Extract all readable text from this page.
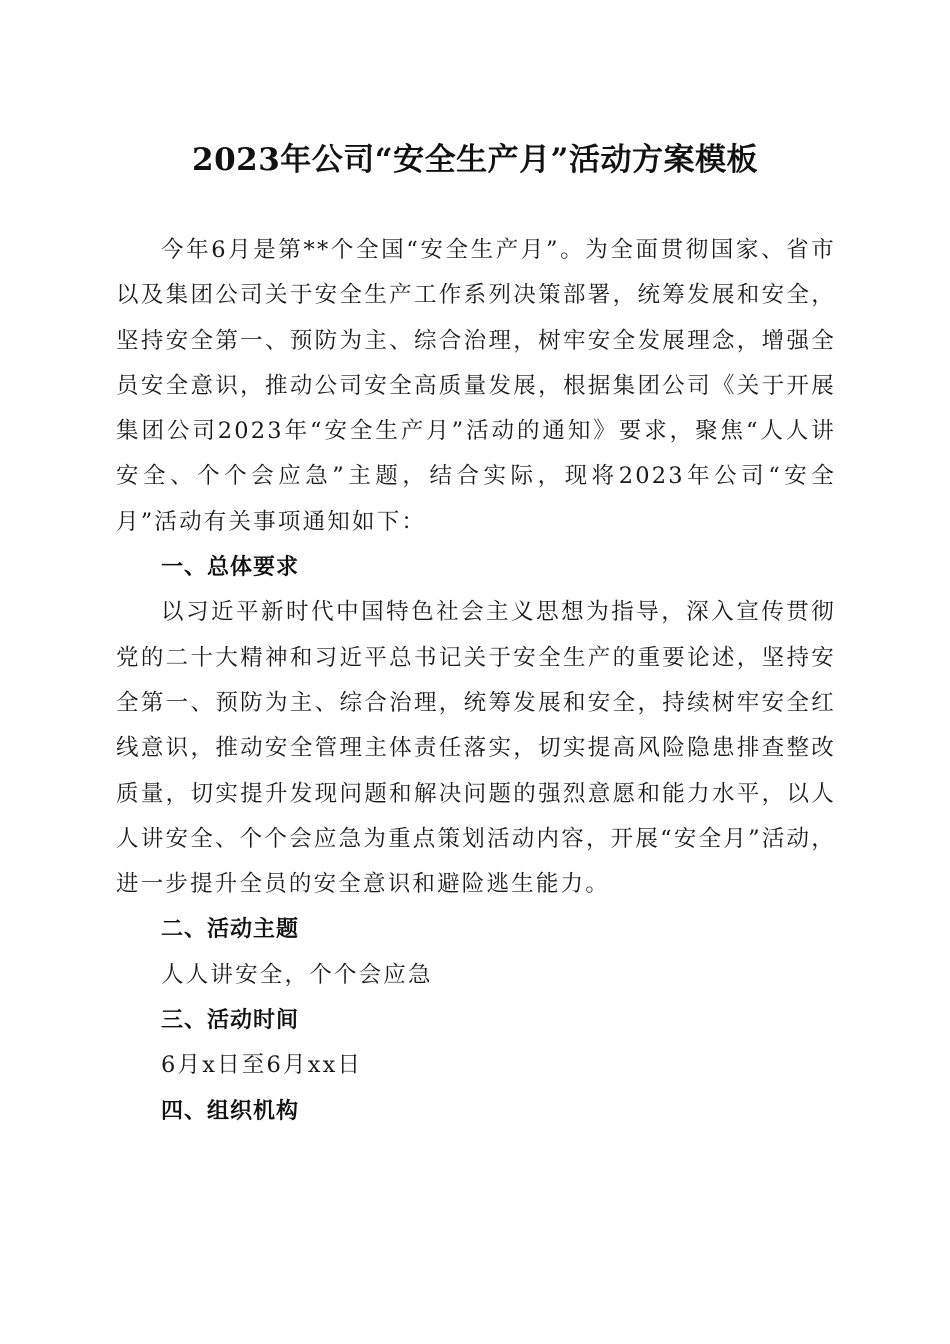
2023年公司“安全生产月”活动方案模板

今年6月是第**个全国“安全生产月”。为全面贯彻国家、省市以及集团公司关于安全生产工作系列决策部署，统筹发展和安全，坚持安全第一、预防为主、综合治理，树牢安全发展理念，增强全员安全意识，推动公司安全高质量发展，根据集团公司《关于开展集团公司2023年“安全生产月”活动的通知》要求，聚焦“人人讲安全、个个会应急”主题，结合实际，现将2023年公司“安全月”活动有关事项通知如下：

一、总体要求

以习近平新时代中国特色社会主义思想为指导，深入宣传贯彻党的二十大精神和习近平总书记关于安全生产的重要论述，坚持安全第一、预防为主、综合治理，统筹发展和安全，持续树牢安全红线意识，推动安全管理主体责任落实，切实提高风险隐患排查整改质量，切实提升发现问题和解决问题的强烈意愿和能力水平，以人人讲安全、个个会应急为重点策划活动内容，开展“安全月”活动，进一步提升全员的安全意识和避险逃生能力。

二、活动主题

人人讲安全，个个会应急

三、活动时间

6月x日至6月xx日

四、组织机构
